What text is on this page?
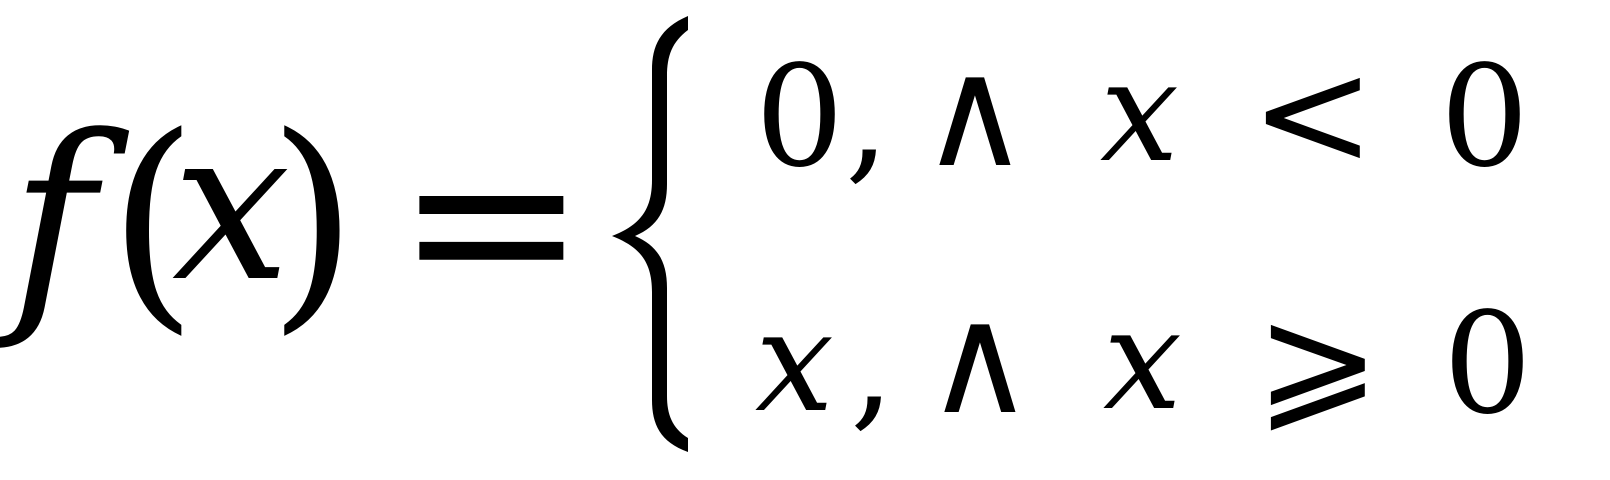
f (
x
) = 0 , ∧ x < 0
x , ∧ x ⩾ 0
